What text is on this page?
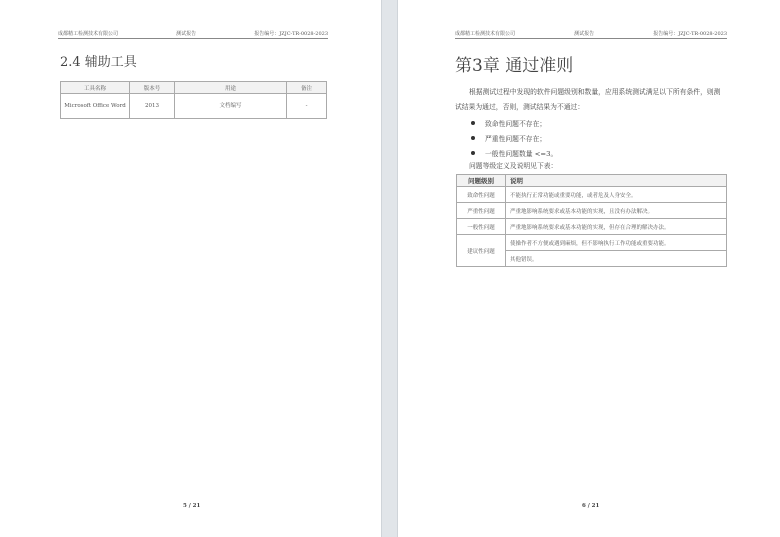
成都精工检测技术有限公司	测试报告	报告编号：JZJC-TR-0028-2023
2.4 辅助工具
工具名称	版本号	用途	备注
Microsoft Office Word	2013	文档编写	-
5 / 21
成都精工检测技术有限公司	测试报告	报告编号：JZJC-TR-0028-2023
第3章 通过准则
根据测试过程中发现的软件问题级别和数量，应用系统测试满足以下所有条件，则测试结果为通过，否则，测试结果为不通过：
致命性问题不存在；
严重性问题不存在；
一般性问题数量 <=3。
问题等级定义及说明见下表：
问题级别	说明
致命性问题	不能执行正常功能或重要功能，或者危及人身安全。
严重性问题	严重地影响系统要求或基本功能的实现，且没有办法解决。
一般性问题	严重地影响系统要求或基本功能的实现，但存在合理的解决办法。
建议性问题	使操作者不方便或遇到麻烦，但不影响执行工作功能或重要功能。
	其他错误。
6 / 21
